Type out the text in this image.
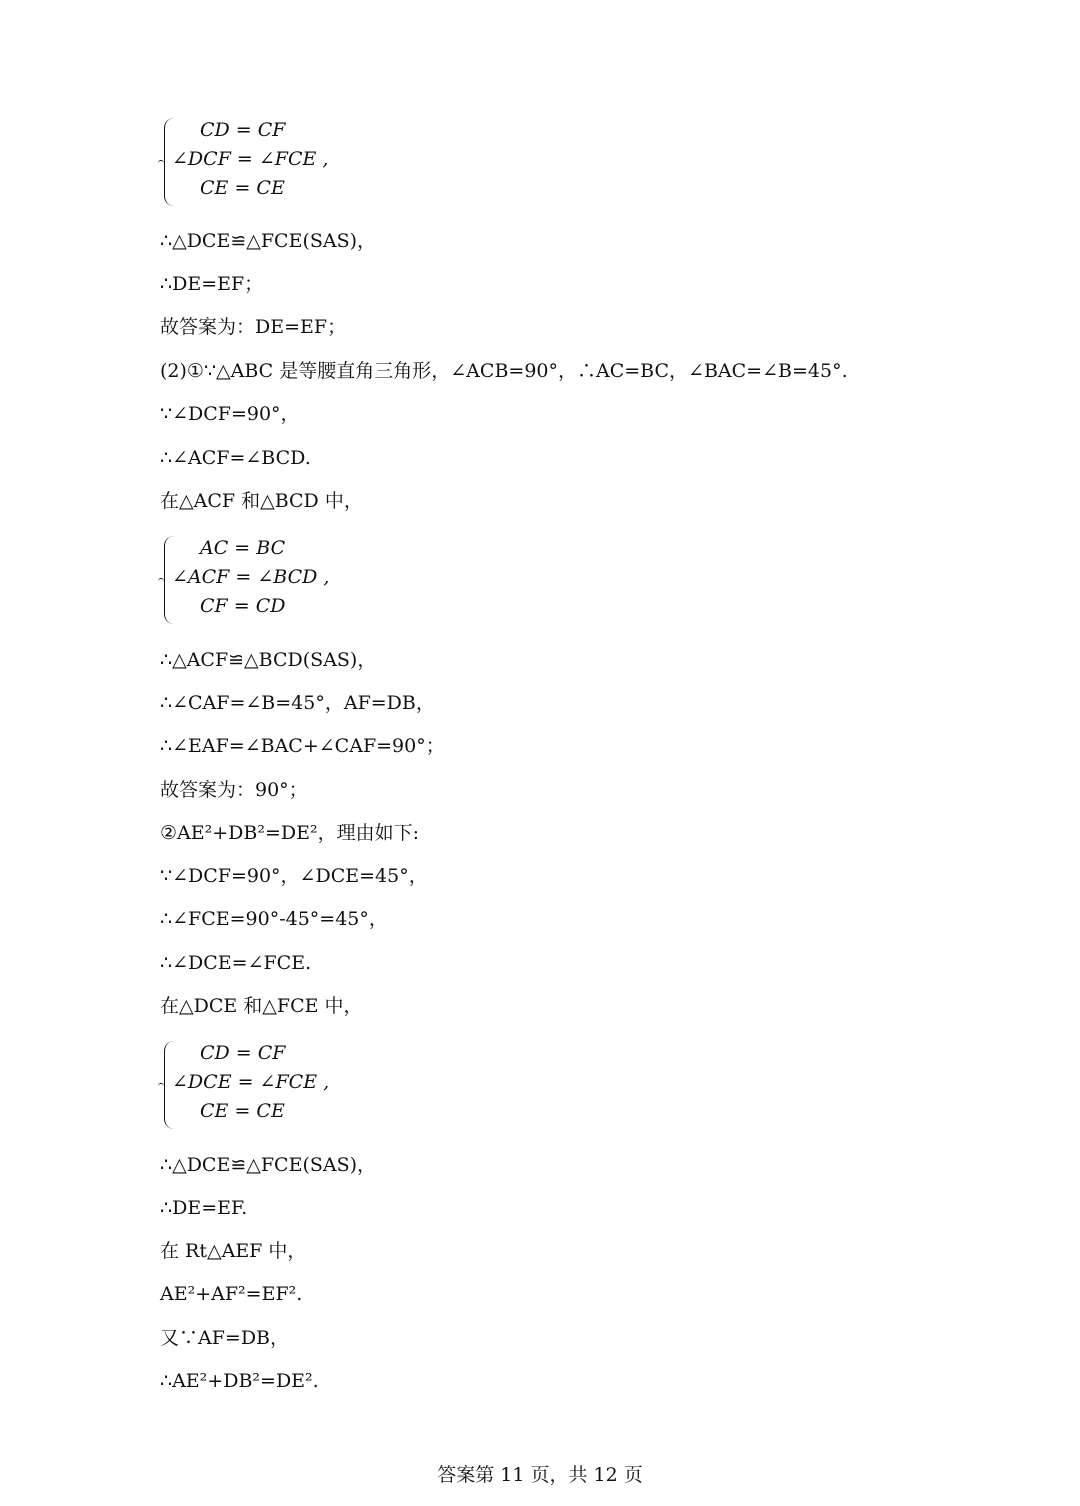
CD = CF
∠DCF = ∠FCE ,
CE = CE
∴△DCE≌△FCE(SAS)，
∴DE=EF；
故答案为：DE=EF；
(2)①∵△ABC 是等腰直角三角形，∠ACB=90°，∴AC=BC，∠BAC=∠B=45°.
∵∠DCF=90°，
∴∠ACF=∠BCD.
在△ACF 和△BCD 中，
AC = BC
∠ACF = ∠BCD ,
CF = CD
∴△ACF≌△BCD(SAS)，
∴∠CAF=∠B=45°，AF=DB，
∴∠EAF=∠BAC+∠CAF=90°；
故答案为：90°；
②AE²+DB²=DE²，理由如下:
∵∠DCF=90°，∠DCE=45°，
∴∠FCE=90°-45°=45°，
∴∠DCE=∠FCE.
在△DCE 和△FCE 中，
CD = CF
∠DCE = ∠FCE ,
CE = CE
∴△DCE≌△FCE(SAS)，
∴DE=EF.
在 Rt△AEF 中，
AE²+AF²=EF².
又∵AF=DB，
∴AE²+DB²=DE².
答案第 11 页，共 12 页
